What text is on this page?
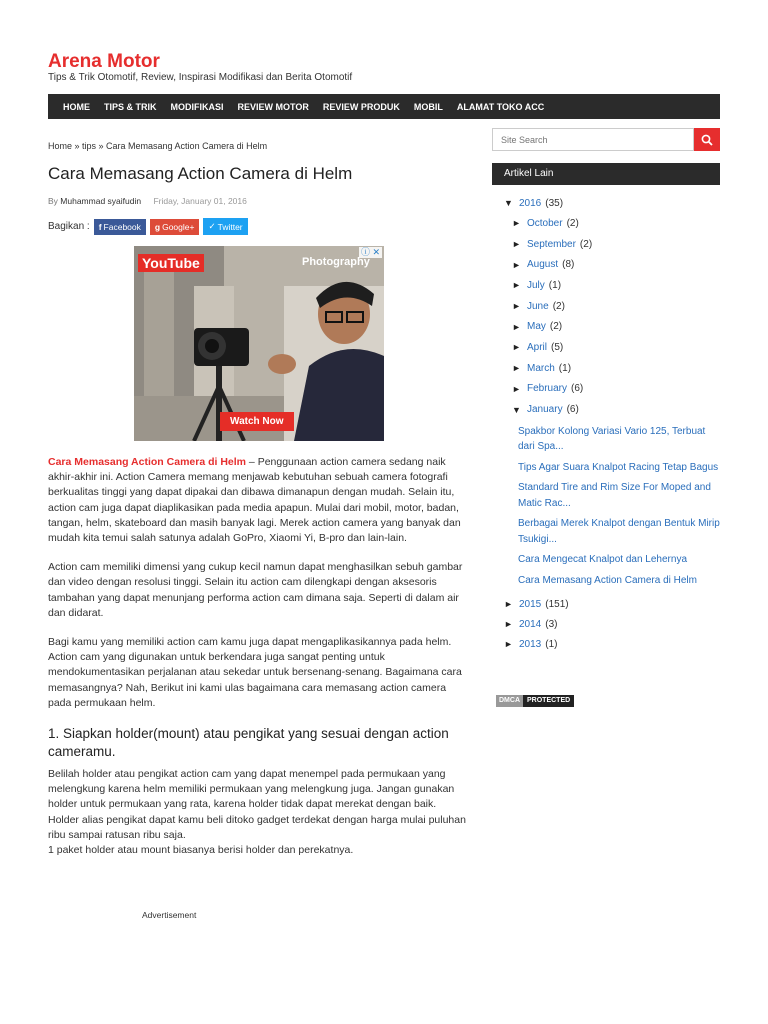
Arena Motor
Tips & Trik Otomotif, Review, Inspirasi Modifikasi dan Berita Otomotif
HOME TIPS & TRIK MODIFIKASI REVIEW MOTOR REVIEW PRODUK MOBIL ALAMAT TOKO ACC
Home » tips » Cara Memasang Action Camera di Helm
Cara Memasang Action Camera di Helm
By Muhammad syaifudin Friday, January 01, 2016
Bagikan : f Facebook g Google+ ✓ Twitter
ⓘ ✕
YouTube	Photography
Watch Now

Cara Memasang Action Camera di Helm – Penggunaan action camera sedang naik akhir-akhir ini. Action Camera memang menjawab kebutuhan sebuah camera fotografi berkualitas tinggi yang dapat dipakai dan dibawa dimanapun dengan mudah. Selain itu, action cam juga dapat diaplikasikan pada media apapun. Mulai dari mobil, motor, badan, tangan, helm, skateboard dan masih banyak lagi. Merek action camera yang banyak dan mudah kita temui salah satunya adalah GoPro, Xiaomi Yi, B-pro dan lain-lain.

Action cam memiliki dimensi yang cukup kecil namun dapat menghasilkan sebuh gambar dan video dengan resolusi tinggi. Selain itu action cam dilengkapi dengan aksesoris tambahan yang dapat menunjang performa action cam dimana saja. Seperti di dalam air dan didarat.

Bagi kamu yang memiliki action cam kamu juga dapat mengaplikasikannya pada helm. Action cam yang digunakan untuk berkendara juga sangat penting untuk mendokumentasikan perjalanan atau sekedar untuk bersenang-senang. Bagaimana cara memasangnya? Nah, Berikut ini kami ulas bagaimana cara memasang action camera pada permukaan helm.

1. Siapkan holder(mount) atau pengikat yang sesuai dengan action cameramu.
Belilah holder atau pengikat action cam yang dapat menempel pada permukaan yang melengkung karena helm memiliki permukaan yang melengkung juga. Jangan gunakan holder untuk permukaan yang rata, karena holder tidak dapat merekat dengan baik.
Holder alias pengikat dapat kamu beli ditoko gadget terdekat dengan harga mulai puluhan ribu sampai ratusan ribu saja.
1 paket holder atau mount biasanya berisi holder dan perekatnya.
Advertisement
Site Search
Artikel Lain
▼ 2016 (35)
► October (2)
► September (2)
► August (8)
► July (1)
► June (2)
► May (2)
► April (5)
► March (1)
► February (6)
▼ January (6)
Spakbor Kolong Variasi Vario 125, Terbuat dari Spa...
Tips Agar Suara Knalpot Racing Tetap Bagus
Standard Tire and Rim Size For Moped and Matic Rac...
Berbagai Merek Knalpot dengan Bentuk Mirip Tsukigi...
Cara Mengecat Knalpot dan Lehernya
Cara Memasang Action Camera di Helm
► 2015 (151)
► 2014 (3)
► 2013 (1)
DMCA	PROTECTED
